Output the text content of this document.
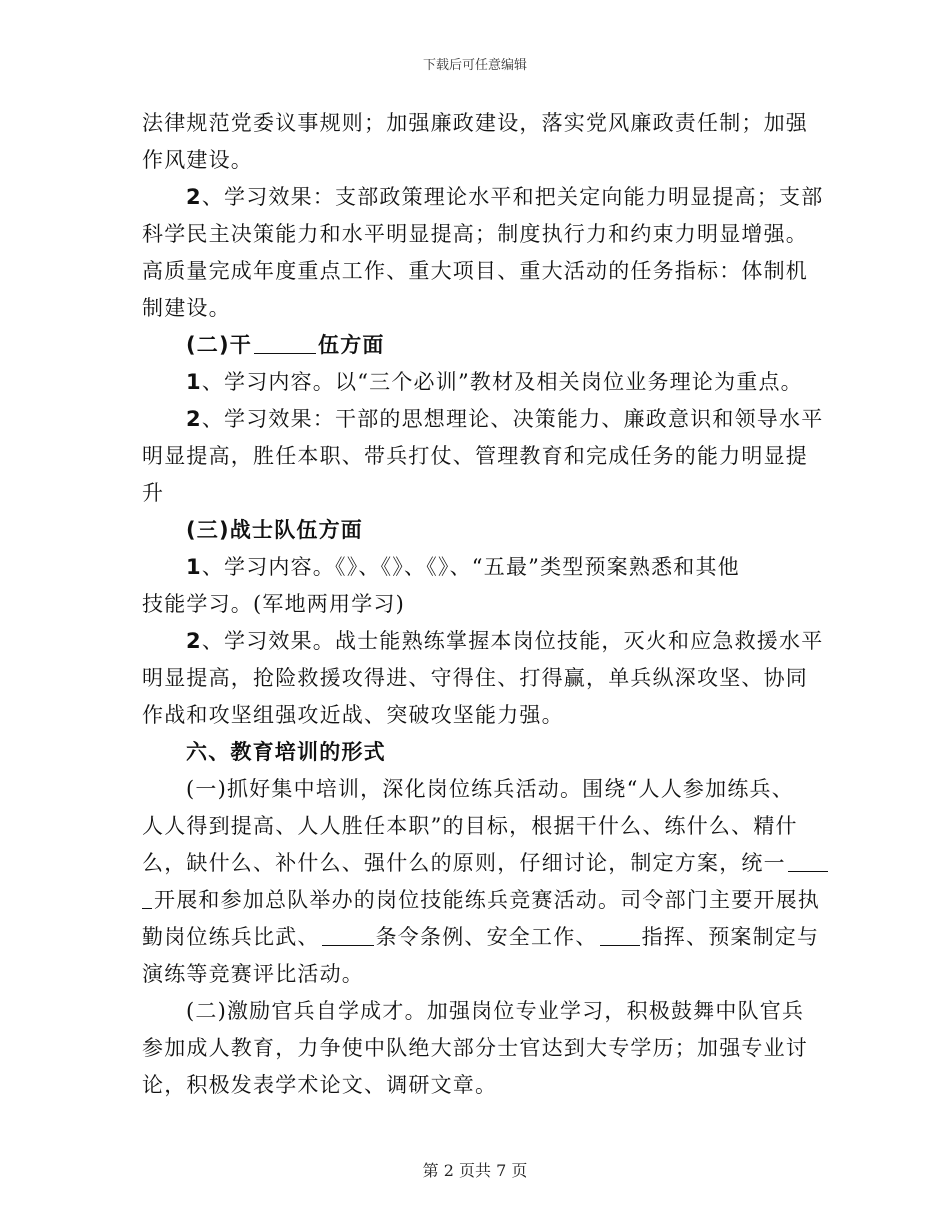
下载后可任意编辑
法律规范党委议事规则；加强廉政建设，落实党风廉政责任制；加强
作风建设。
2、学习效果：支部政策理论水平和把关定向能力明显提高；支部
科学民主决策能力和水平明显提高；制度执行力和约束力明显增强。
高质量完成年度重点工作、重大项目、重大活动的任务指标：体制机
制建设。
(二)干	伍方面
1、学习内容。以“三个必训”教材及相关岗位业务理论为重点。
2、学习效果：干部的思想理论、决策能力、廉政意识和领导水平
明显提高，胜任本职、带兵打仗、管理教育和完成任务的能力明显提
升
(三)战士队伍方面
1、学习内容。《》、《》、《》、“五最”类型预案熟悉和其他
技能学习。(军地两用学习)
2、学习效果。战士能熟练掌握本岗位技能，灭火和应急救援水平
明显提高，抢险救援攻得进、守得住、打得赢，单兵纵深攻坚、协同
作战和攻坚组强攻近战、突破攻坚能力强。
六、教育培训的形式
(一)抓好集中培训，深化岗位练兵活动。围绕“人人参加练兵、
人人得到提高、人人胜任本职”的目标，根据干什么、练什么、精什
么，缺什么、补什么、强什么的原则，仔细讨论，制定方案，统一
开展和参加总队举办的岗位技能练兵竞赛活动。司令部门主要开展执
勤岗位练兵比武、	条令条例、安全工作、 指挥、预案制定与
演练等竞赛评比活动。
(二)激励官兵自学成才。加强岗位专业学习，积极鼓舞中队官兵
参加成人教育，力争使中队绝大部分士官达到大专学历；加强专业讨
论，积极发表学术论文、调研文章。
第 2 页共 7 页
